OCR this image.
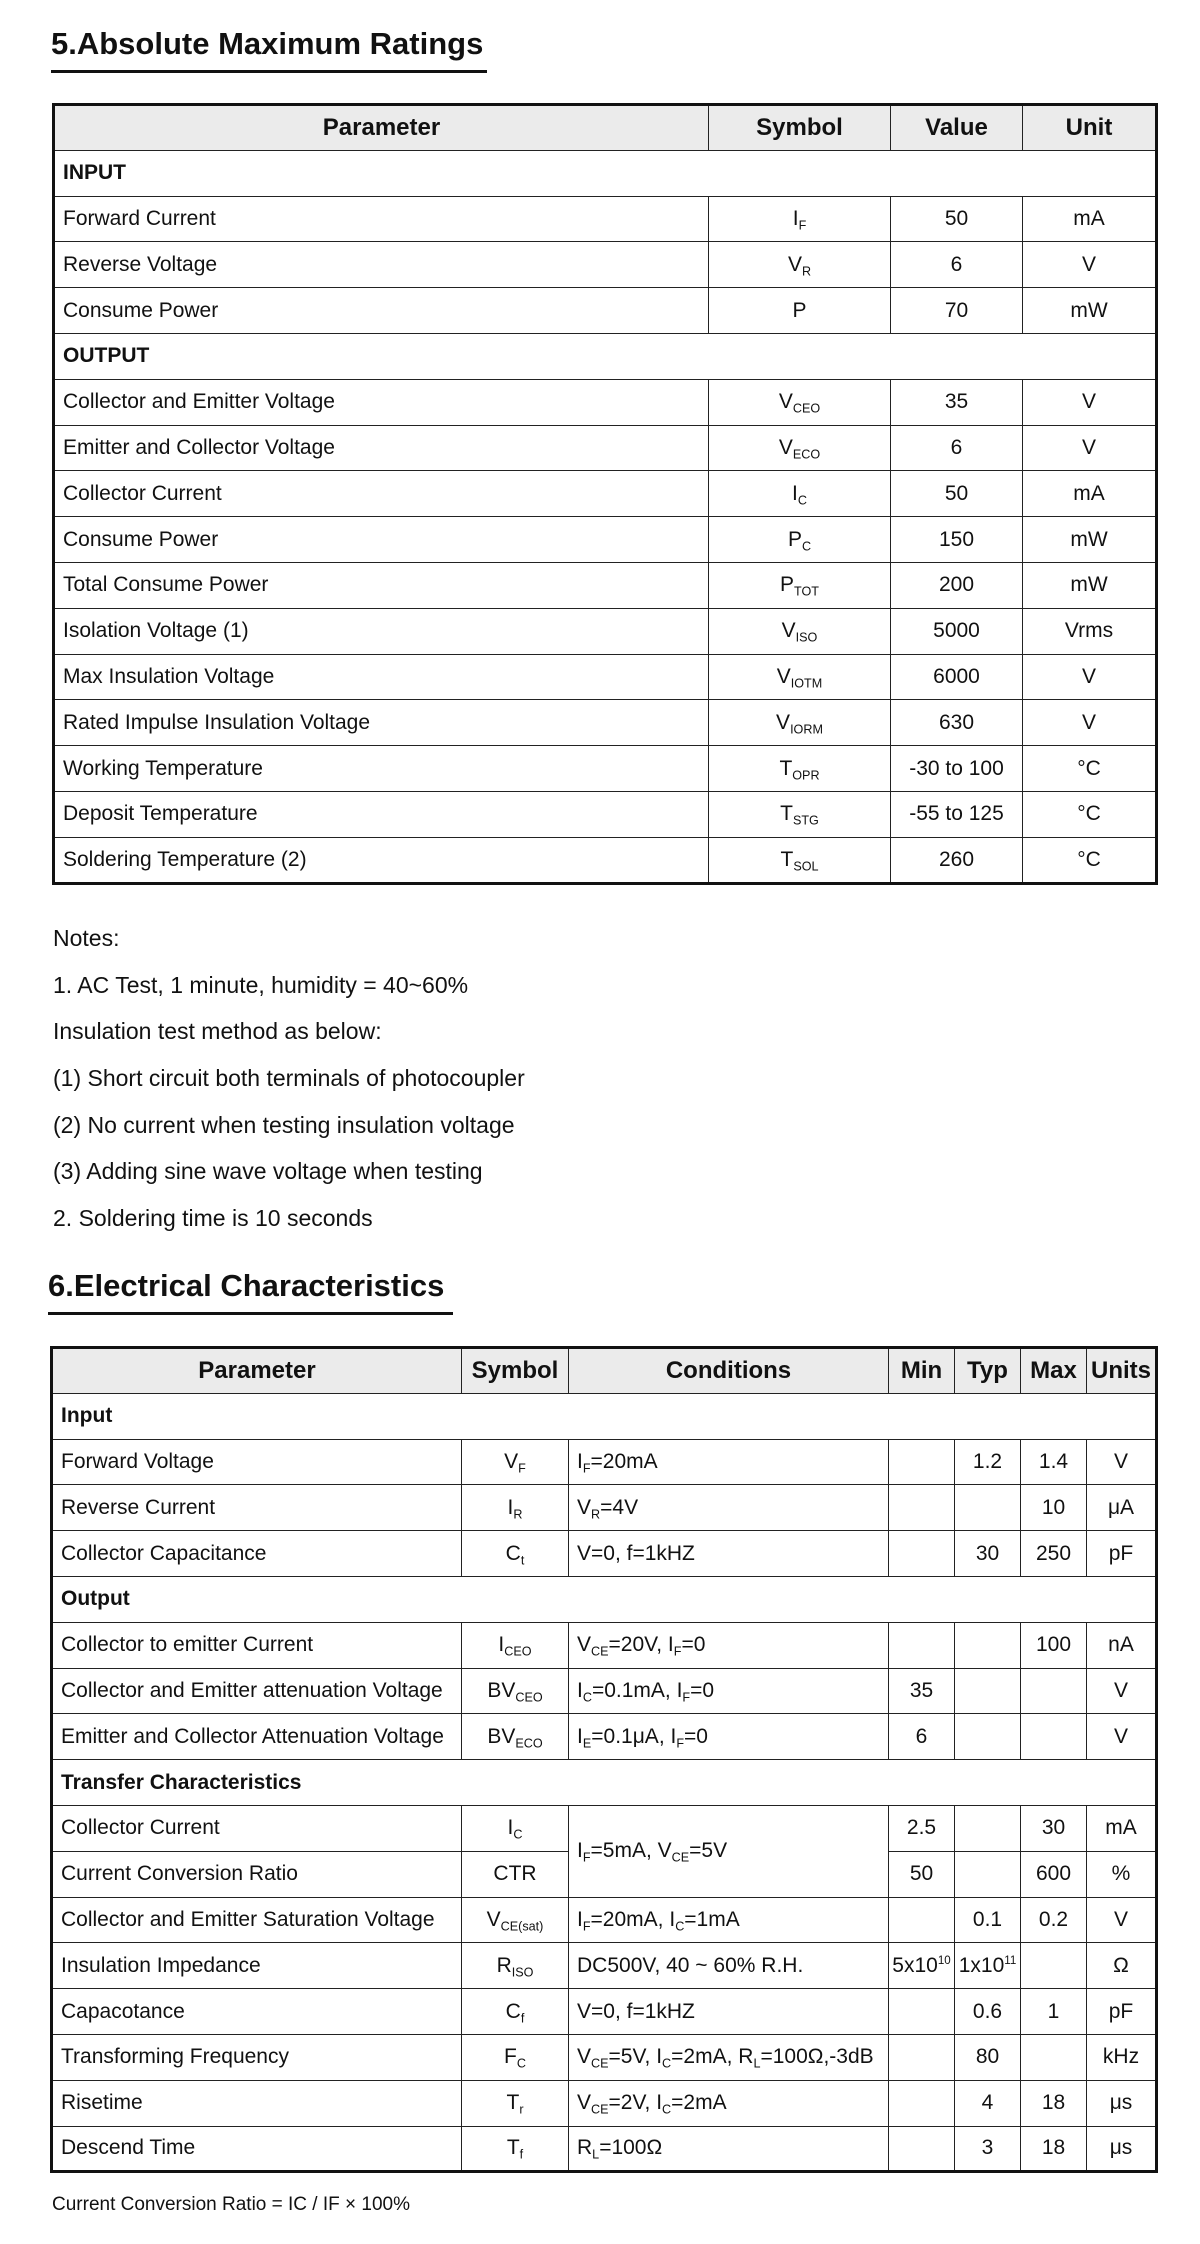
5.Absolute Maximum Ratings
Parameter	Symbol	Value	Unit
INPUT			
Forward Current	$I_F$	50	mA
Reverse Voltage	$V_R$	6	V
Consume Power	P	70	mW
OUTPUT			
Collector and Emitter Voltage	$V_{CEO}$	35	V
Emitter and Collector Voltage	$V_{ECO}$	6	V
Collector Current	$I_C$	50	mA
Consume Power	$P_C$	150	mW
Total Consume Power	$P_{TOT}$	200	mW
Isolation Voltage (1)	$V_{ISO}$	5000	Vrms
Max Insulation Voltage	$V_{IOTM}$	6000	V
Rated Impulse Insulation Voltage	$V_{IORM}$	630	V
Working Temperature	$T_{OPR}$	-30 to 100	°C
Deposit Temperature	$T_{STG}$	-55 to 125	°C
Soldering Temperature (2)	$T_{SOL}$	260	°C
Notes:
1. AC Test, 1 minute, humidity = 40~60%
Insulation test method as below:
(1) Short circuit both terminals of photocoupler
(2) No current when testing insulation voltage
(3) Adding sine wave voltage when testing
2. Soldering time is 10 seconds
6.Electrical Characteristics
Parameter	Symbol	Conditions	Min	Typ	Max	Units
Input						
Forward Voltage	$V_F$	$I_F=20mA$		1.2	1.4	V
Reverse Current	$I_R$	$V_R=4V$			10	μA
Collector Capacitance	$C_t$	V=0, f=1kHZ		30	250	pF
Output						
Collector to emitter Current	$I_{CEO}$	$V_{CE}=20V$, $I_F=0$			100	nA
Collector and Emitter attenuation Voltage	$BV_{CEO}$	$I_C=0.1mA$, $I_F=0$	35			V
Emitter and Collector Attenuation Voltage	$BV_{ECO}$	$I_E=0.1\mu A$, $I_F=0$	6			V
Transfer Characteristics						
Collector Current	$I_C$	$I_F=5mA$, $V_{CE}=5V$	2.5		30	mA
Current Conversion Ratio	CTR		50		600	%
Collector and Emitter Saturation Voltage	$V_{CE(sat)}$	$I_F=20mA$, $I_C=1mA$		0.1	0.2	V
Insulation Impedance	$R_{ISO}$	DC500V, 40 ~ 60% R.H.	$5x10^{10}$	$1x10^{11}$		Ω
Capacotance	$C_f$	V=0, f=1kHZ		0.6	1	pF
Transforming Frequency	$F_C$	$V_{CE}=5V$, $I_C=2mA$, $R_L=100\Omega,-3dB$		80		kHz
Risetime	$T_r$	$V_{CE}=2V$, $I_C=2mA$		4	18	μs
Descend Time	$T_f$	$R_L=100\Omega$		3	18	μs
Current Conversion Ratio = IC / IF × 100%
